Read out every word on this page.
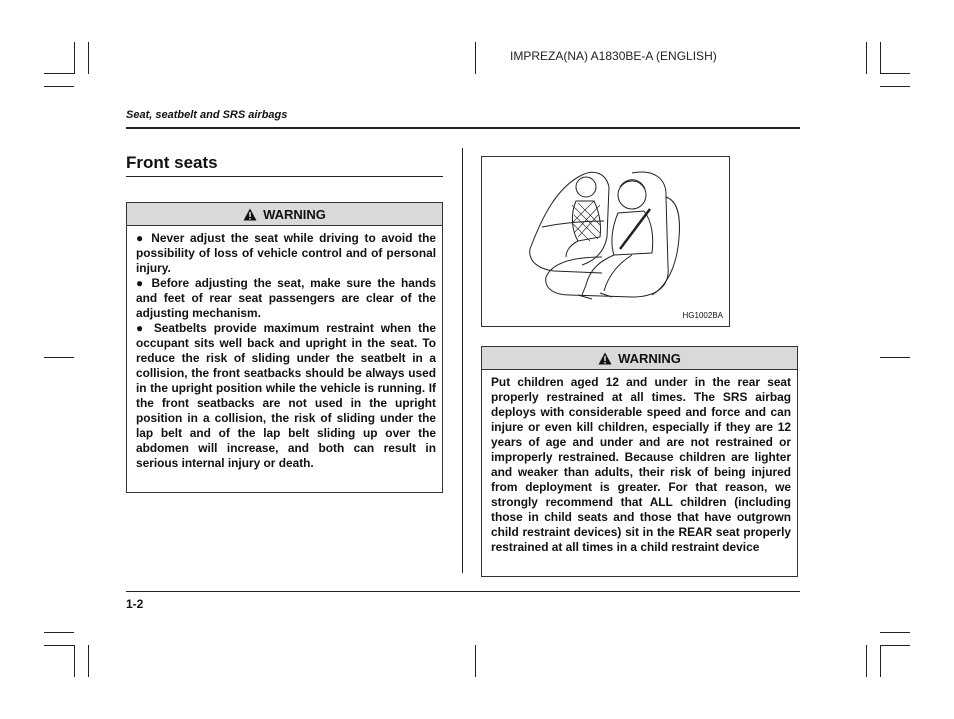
IMPREZA(NA) A1830BE-A (ENGLISH)
Seat, seatbelt and SRS airbags
Front seats
WARNING

● Never adjust the seat while driving to avoid the possibility of loss of vehicle control and of personal injury.

● Before adjusting the seat, make sure the hands and feet of rear seat passengers are clear of the adjusting mechanism.

● Seatbelts provide maximum restraint when the occupant sits well back and upright in the seat. To reduce the risk of sliding under the seatbelt in a collision, the front seatbacks should be always used in the upright position while the vehicle is running. If the front seatbacks are not used in the upright position in a collision, the risk of sliding under the lap belt and of the lap belt sliding up over the abdomen will increase, and both can result in serious internal injury or death.

HG1002BA
WARNING

Put children aged 12 and under in the rear seat properly restrained at all times. The SRS airbag deploys with considerable speed and force and can injure or even kill children, especially if they are 12 years of age and under and are not restrained or improperly restrained. Because children are lighter and weaker than adults, their risk of being injured from deployment is greater. For that reason, we strongly recommend that ALL children (including those in child seats and those that have outgrown child restraint devices) sit in the REAR seat properly restrained at all times in a child restraint device

1-2
